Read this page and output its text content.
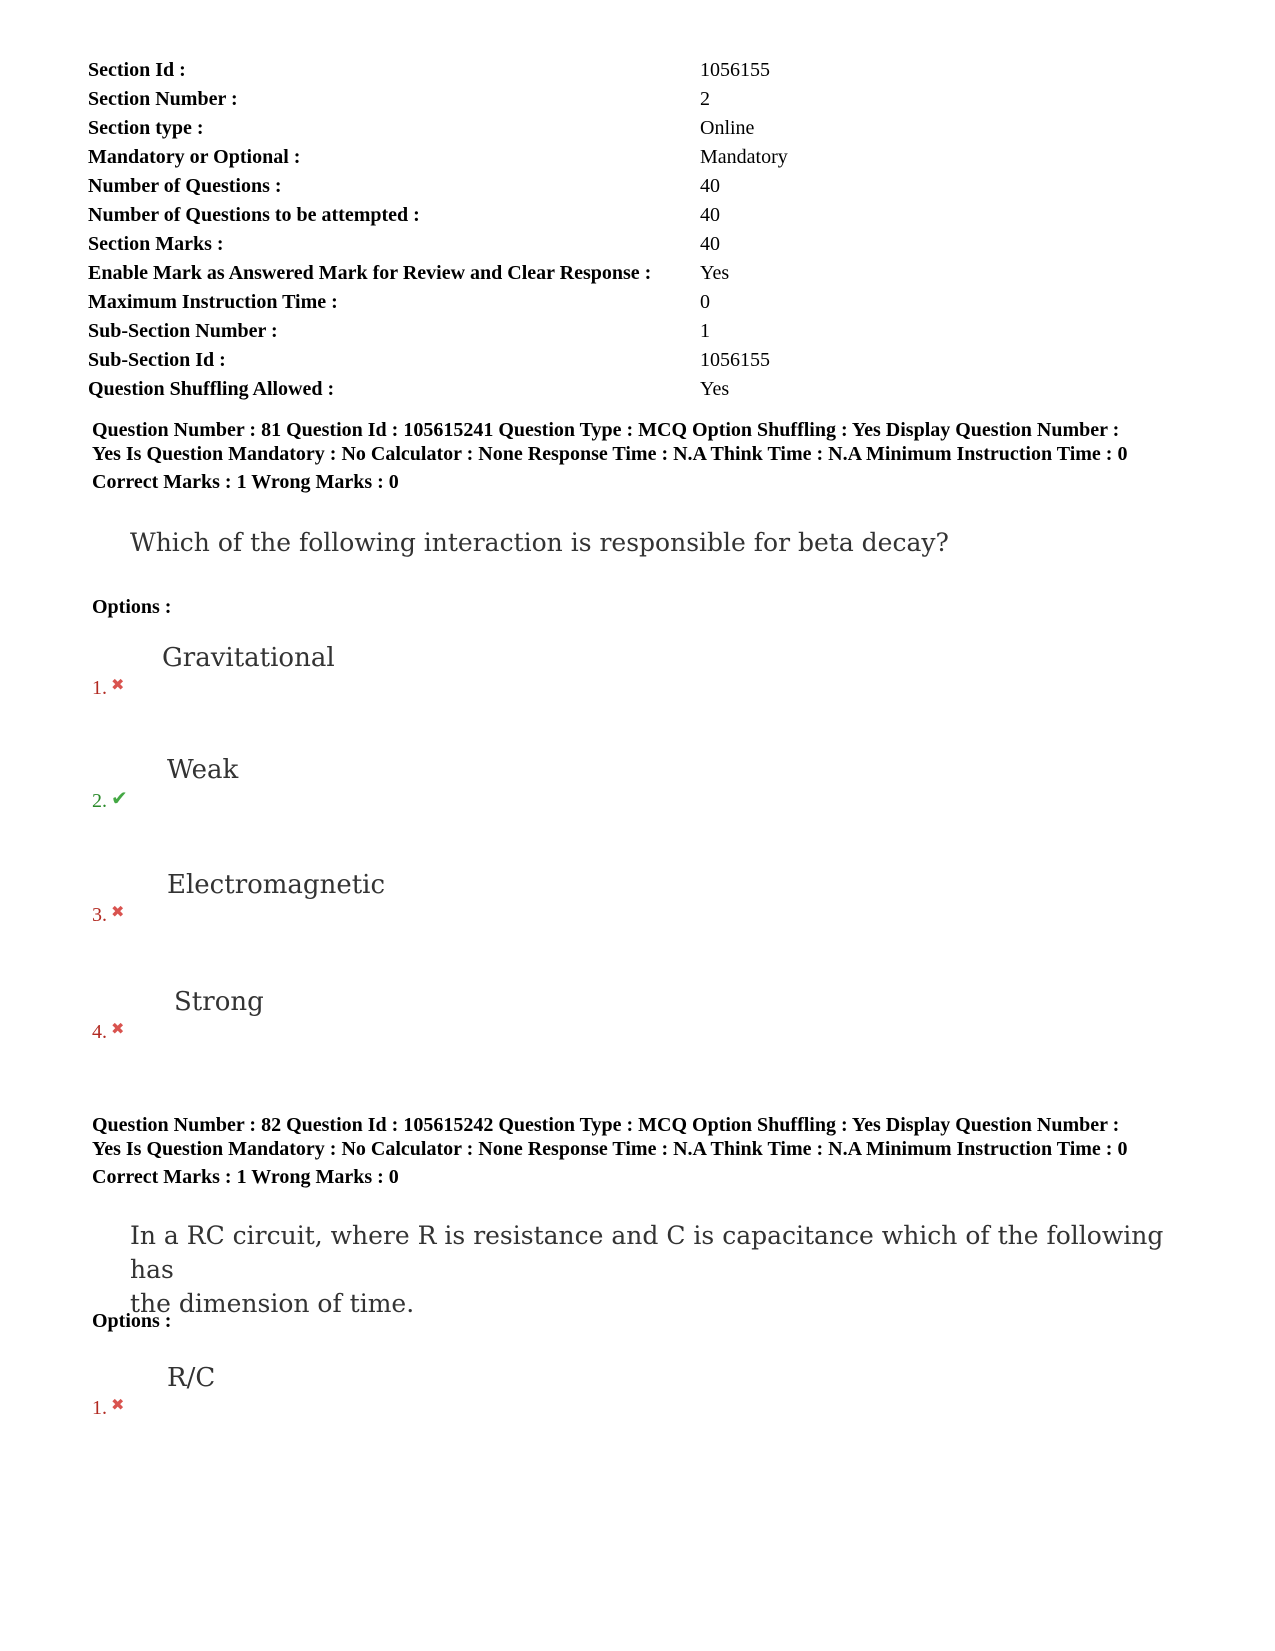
Section Id :	1056155
Section Number :	2
Section type :	Online
Mandatory or Optional :	Mandatory
Number of Questions :	40
Number of Questions to be attempted :	40
Section Marks :	40
Enable Mark as Answered Mark for Review and Clear Response :	Yes
Maximum Instruction Time :	0
Sub-Section Number :	1
Sub-Section Id :	1056155
Question Shuffling Allowed :	Yes
Question Number : 81 Question Id : 105615241 Question Type : MCQ Option Shuffling : Yes Display Question Number :
Yes Is Question Mandatory : No Calculator : None Response Time : N.A Think Time : N.A Minimum Instruction Time : 0
Correct Marks : 1 Wrong Marks : 0
Which of the following interaction is responsible for beta decay?
Options :
Gravitational
1. ✖
Weak
2. ✔
Electromagnetic
3. ✖
Strong
4. ✖
Question Number : 82 Question Id : 105615242 Question Type : MCQ Option Shuffling : Yes Display Question Number :
Yes Is Question Mandatory : No Calculator : None Response Time : N.A Think Time : N.A Minimum Instruction Time : 0
Correct Marks : 1 Wrong Marks : 0
In a RC circuit, where R is resistance and C is capacitance which of the following has
the dimension of time.
Options :
R/C
1. ✖
